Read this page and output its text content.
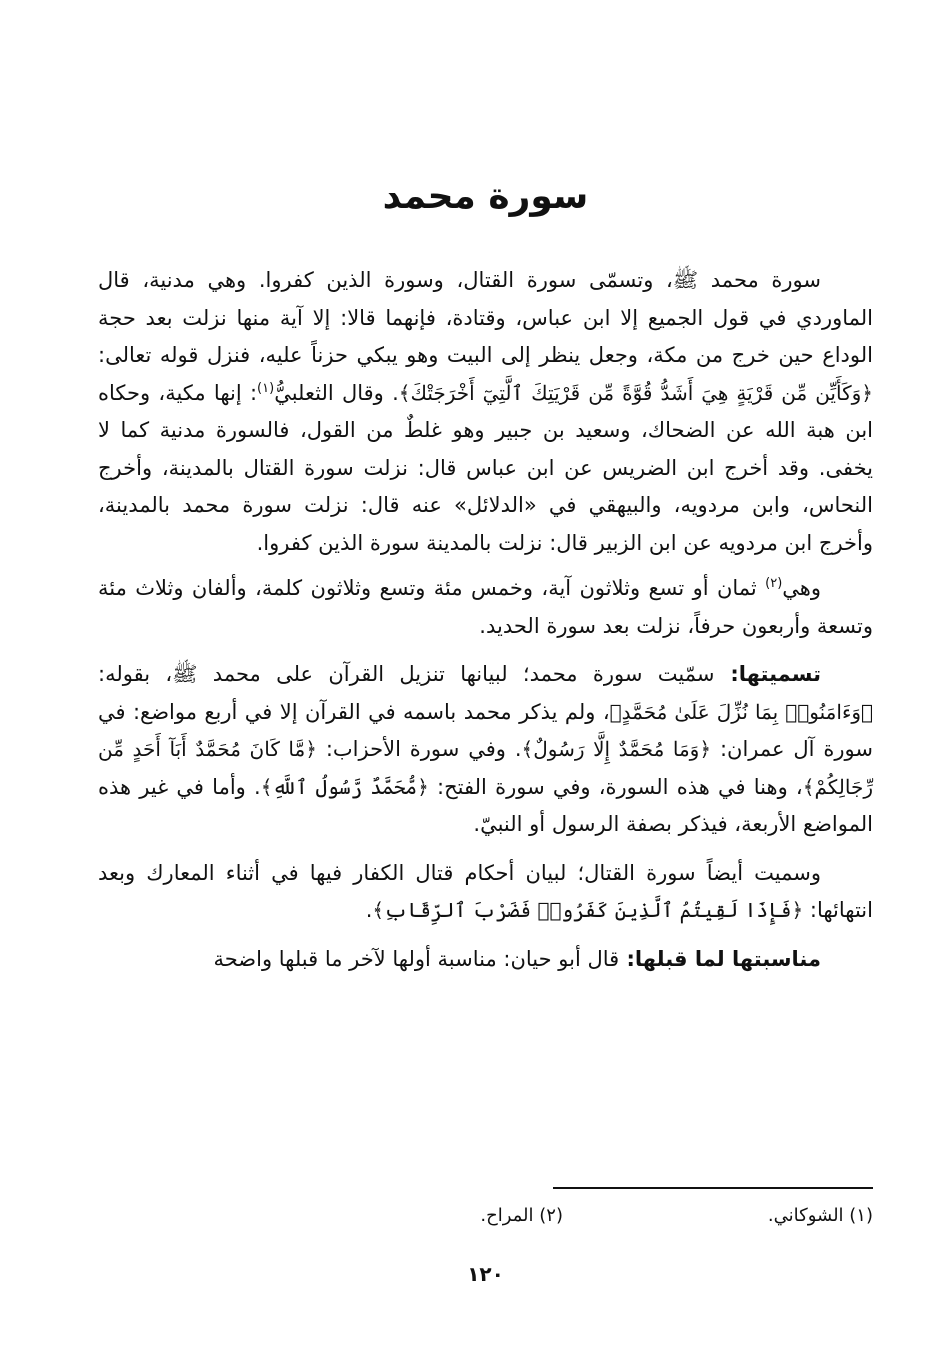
سورة محمد

سورة محمد ﷺ، وتسمّى سورة القتال، وسورة الذين كفروا. وهي مدنية، قال الماوردي في قول الجميع إلا ابن عباس، وقتادة، فإنهما قالا: إلا آية منها نزلت بعد حجة الوداع حين خرج من مكة، وجعل ينظر إلى البيت وهو يبكي حزناً عليه، فنزل قوله تعالى: ﴿وَكَأَيِّن مِّن قَرْيَةٍ هِيَ أَشَدُّ قُوَّةً مِّن قَرْيَتِكَ ٱلَّتِيٓ أَخْرَجَتْكَ﴾. وقال الثعلبيُّ$^{(١)}$: إنها مكية، وحكاه ابن هبة الله عن الضحاك، وسعيد بن جبير وهو غلطٌ من القول، فالسورة مدنية كما لا يخفى. وقد أخرج ابن الضريس عن ابن عباس قال: نزلت سورة القتال بالمدينة، وأخرج النحاس، وابن مردويه، والبيهقي في «الدلائل» عنه قال: نزلت سورة محمد بالمدينة، وأخرج ابن مردويه عن ابن الزبير قال: نزلت بالمدينة سورة الذين كفروا.

وهي$^{(٢)}$ ثمان أو تسع وثلاثون آية، وخمس مئة وتسع وثلاثون كلمة، وألفان وثلاث مئة وتسعة وأربعون حرفاً، نزلت بعد سورة الحديد.

تسميتها: سمّيت سورة محمد؛ لبيانها تنزيل القرآن على محمد ﷺ، بقوله: ﴿وَءَامَنُوا۟ بِمَا نُزِّلَ عَلَىٰ مُحَمَّدٍ﴾، ولم يذكر محمد باسمه في القرآن إلا في أربع مواضع: في سورة آل عمران: ﴿وَمَا مُحَمَّدٌ إِلَّا رَسُولٌ﴾. وفي سورة الأحزاب: ﴿مَّا كَانَ مُحَمَّدٌ أَبَآ أَحَدٍ مِّن رِّجَالِكُمْ﴾، وهنا في هذه السورة، وفي سورة الفتح: ﴿مُّحَمَّدٌ رَّسُولُ ٱللَّهِ﴾. وأما في غير هذه المواضع الأربعة، فيذكر بصفة الرسول أو النبيّ.

وسميت أيضاً سورة القتال؛ لبيان أحكام قتال الكفار فيها في أثناء المعارك وبعد انتهائها: ﴿فَإِذَا لَقِيتُمُ ٱلَّذِينَ كَفَرُوا۟ فَضَرْبَ ٱلرِّقَابِ﴾.

مناسبتها لما قبلها: قال أبو حيان: مناسبة أولها لآخر ما قبلها واضحة

(١) الشوكاني.
(٢) المراح.
١٢٠
